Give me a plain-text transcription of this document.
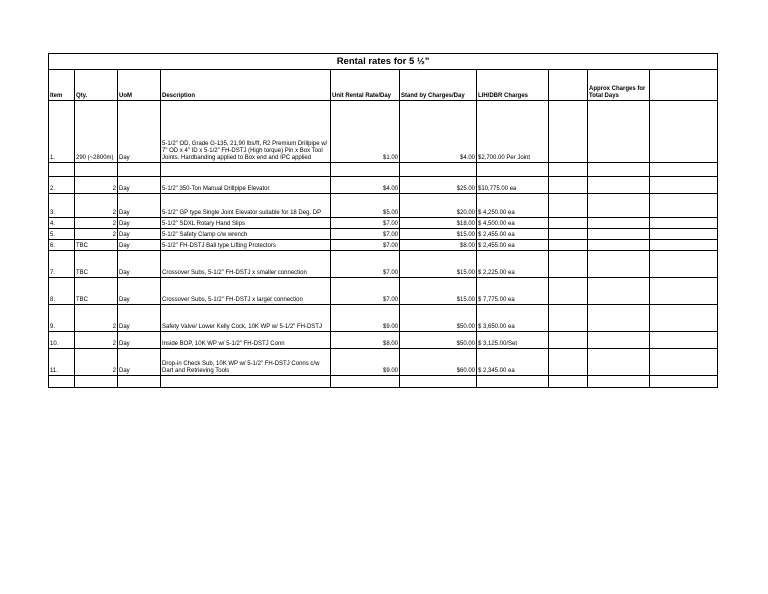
Rental rates for 5 ½"									
Item	Qty.	UoM	Description	Unit Rental Rate/Day	Stand by Charges/Day	LIH/DBR Charges		Approx Charges for Total Days	
1.	290 (~2800m)	Day	5-1/2" OD, Grade G-135, 21.90 lbs/ft, R2 Premium Drillpipe w/ 7" OD x 4" ID x 5-1/2" FH-DSTJ (High torque) Pin x Box Tool Joints. Hardbanding applied to Box end and IPC applied	$1.00	$4.00	$2,700.00 Per Joint			

2.	2	Day	5-1/2" 350-Ton Manual Drillpipe Elevator	$4.00	$25.00	$10,775.00 ea			
3.	2	Day	5-1/2" GP type Single Joint Elevator suitable for 18 Deg. DP	$5.00	$20.00	$ 4,250.00 ea			
4.	2	Day	5-1/2" SDXL Rotary Hand Slips	$7.00	$18.00	$ 4,500.00 ea			
5.	2	Day	5-1/2" Safety Clamp c/w wrench	$7.00	$15.00	$ 2,455.00 ea			
6.	TBC	Day	5-1/2" FH-DSTJ Ball type Lifting Protectors	$7.00	$8.00	$ 2,455.00 ea			
7.	TBC	Day	Crossover Subs, 5-1/2" FH-DSTJ x smaller connection	$7.00	$15.00	$ 2,225.00 ea			
8.	TBC	Day	Crossover Subs, 5-1/2" FH-DSTJ x larger connection	$7.00	$15.00	$ 7,775.00 ea			
9.	2	Day	Safety Valve/ Lower Kelly Cock, 10K WP w/ 5-1/2" FH-DSTJ	$9.00	$50.00	$ 3,650.00 ea			
10.	2	Day	Inside BOP, 10K WP w/ 5-1/2" FH-DSTJ Conn	$8.00	$50.00	$ 3,125.00/Set			
11.	2	Day	Drop-in Check Sub, 10K WP w/ 5-1/2" FH-DSTJ Conns c/w Dart and Retrieving Tools	$9.00	$60.00	$ 2,345.00 ea			
